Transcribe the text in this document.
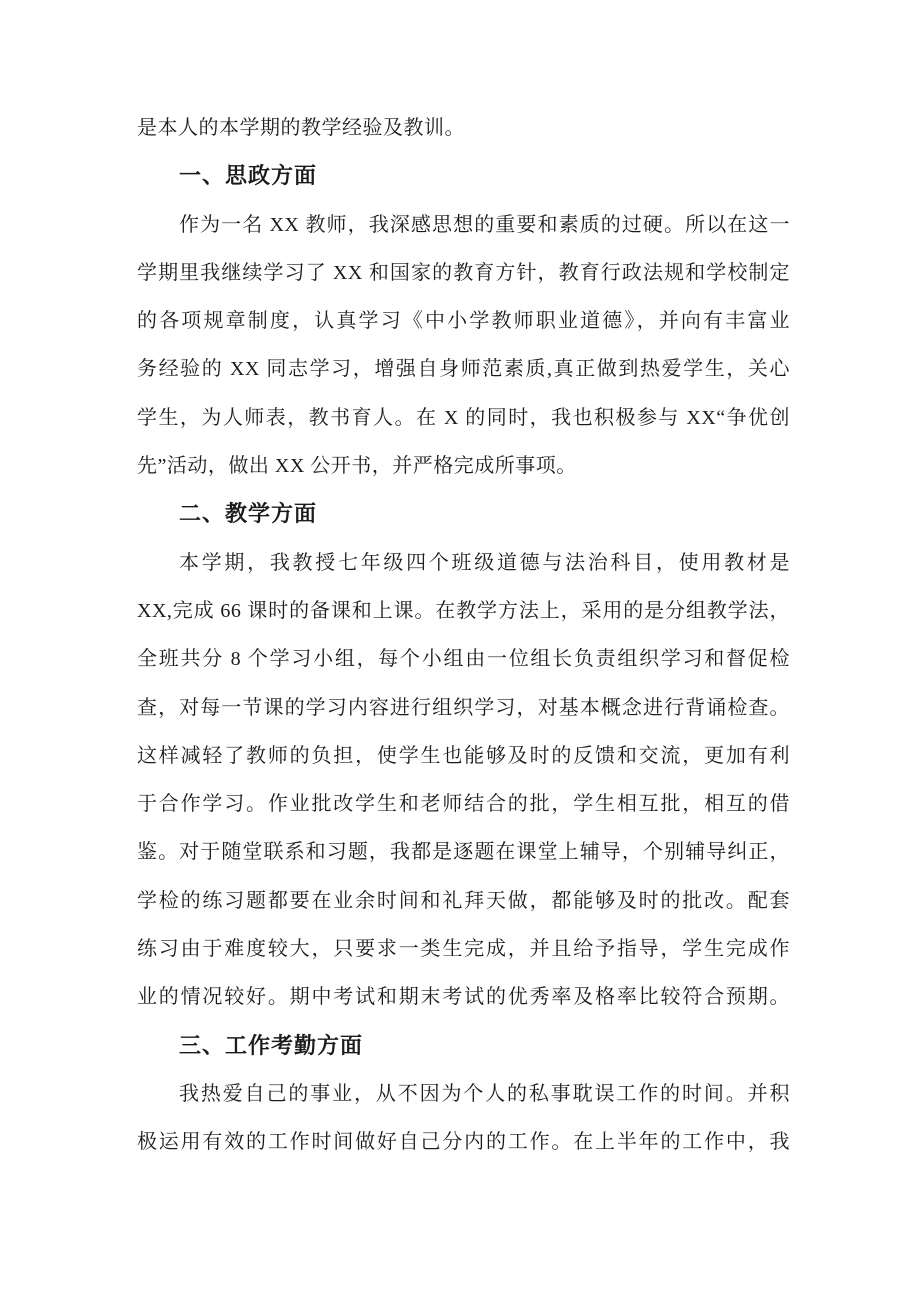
是本人的本学期的教学经验及教训。

一、思政方面

作为一名 XX 教师，我深感思想的重要和素质的过硬。所以在这一

学期里我继续学习了 XX 和国家的教育方针，教育行政法规和学校制定

的各项规章制度，认真学习《中小学教师职业道德》，并向有丰富业

务经验的 XX 同志学习，增强自身师范素质,真正做到热爱学生，关心

学生，为人师表，教书育人。在 X 的同时，我也积极参与 XX“争优创

先”活动，做出 XX 公开书，并严格完成所事项。

二、教学方面

本学期，我教授七年级四个班级道德与法治科目，使用教材是

XX,完成 66 课时的备课和上课。在教学方法上，采用的是分组教学法，

全班共分 8 个学习小组，每个小组由一位组长负责组织学习和督促检

查，对每一节课的学习内容进行组织学习，对基本概念进行背诵检查。

这样减轻了教师的负担，使学生也能够及时的反馈和交流，更加有利

于合作学习。作业批改学生和老师结合的批，学生相互批，相互的借

鉴。对于随堂联系和习题，我都是逐题在课堂上辅导，个别辅导纠正，

学检的练习题都要在业余时间和礼拜天做，都能够及时的批改。配套

练习由于难度较大，只要求一类生完成，并且给予指导，学生完成作

业的情况较好。期中考试和期末考试的优秀率及格率比较符合预期。

三、工作考勤方面

我热爱自己的事业，从不因为个人的私事耽误工作的时间。并积

极运用有效的工作时间做好自己分内的工作。在上半年的工作中，我
